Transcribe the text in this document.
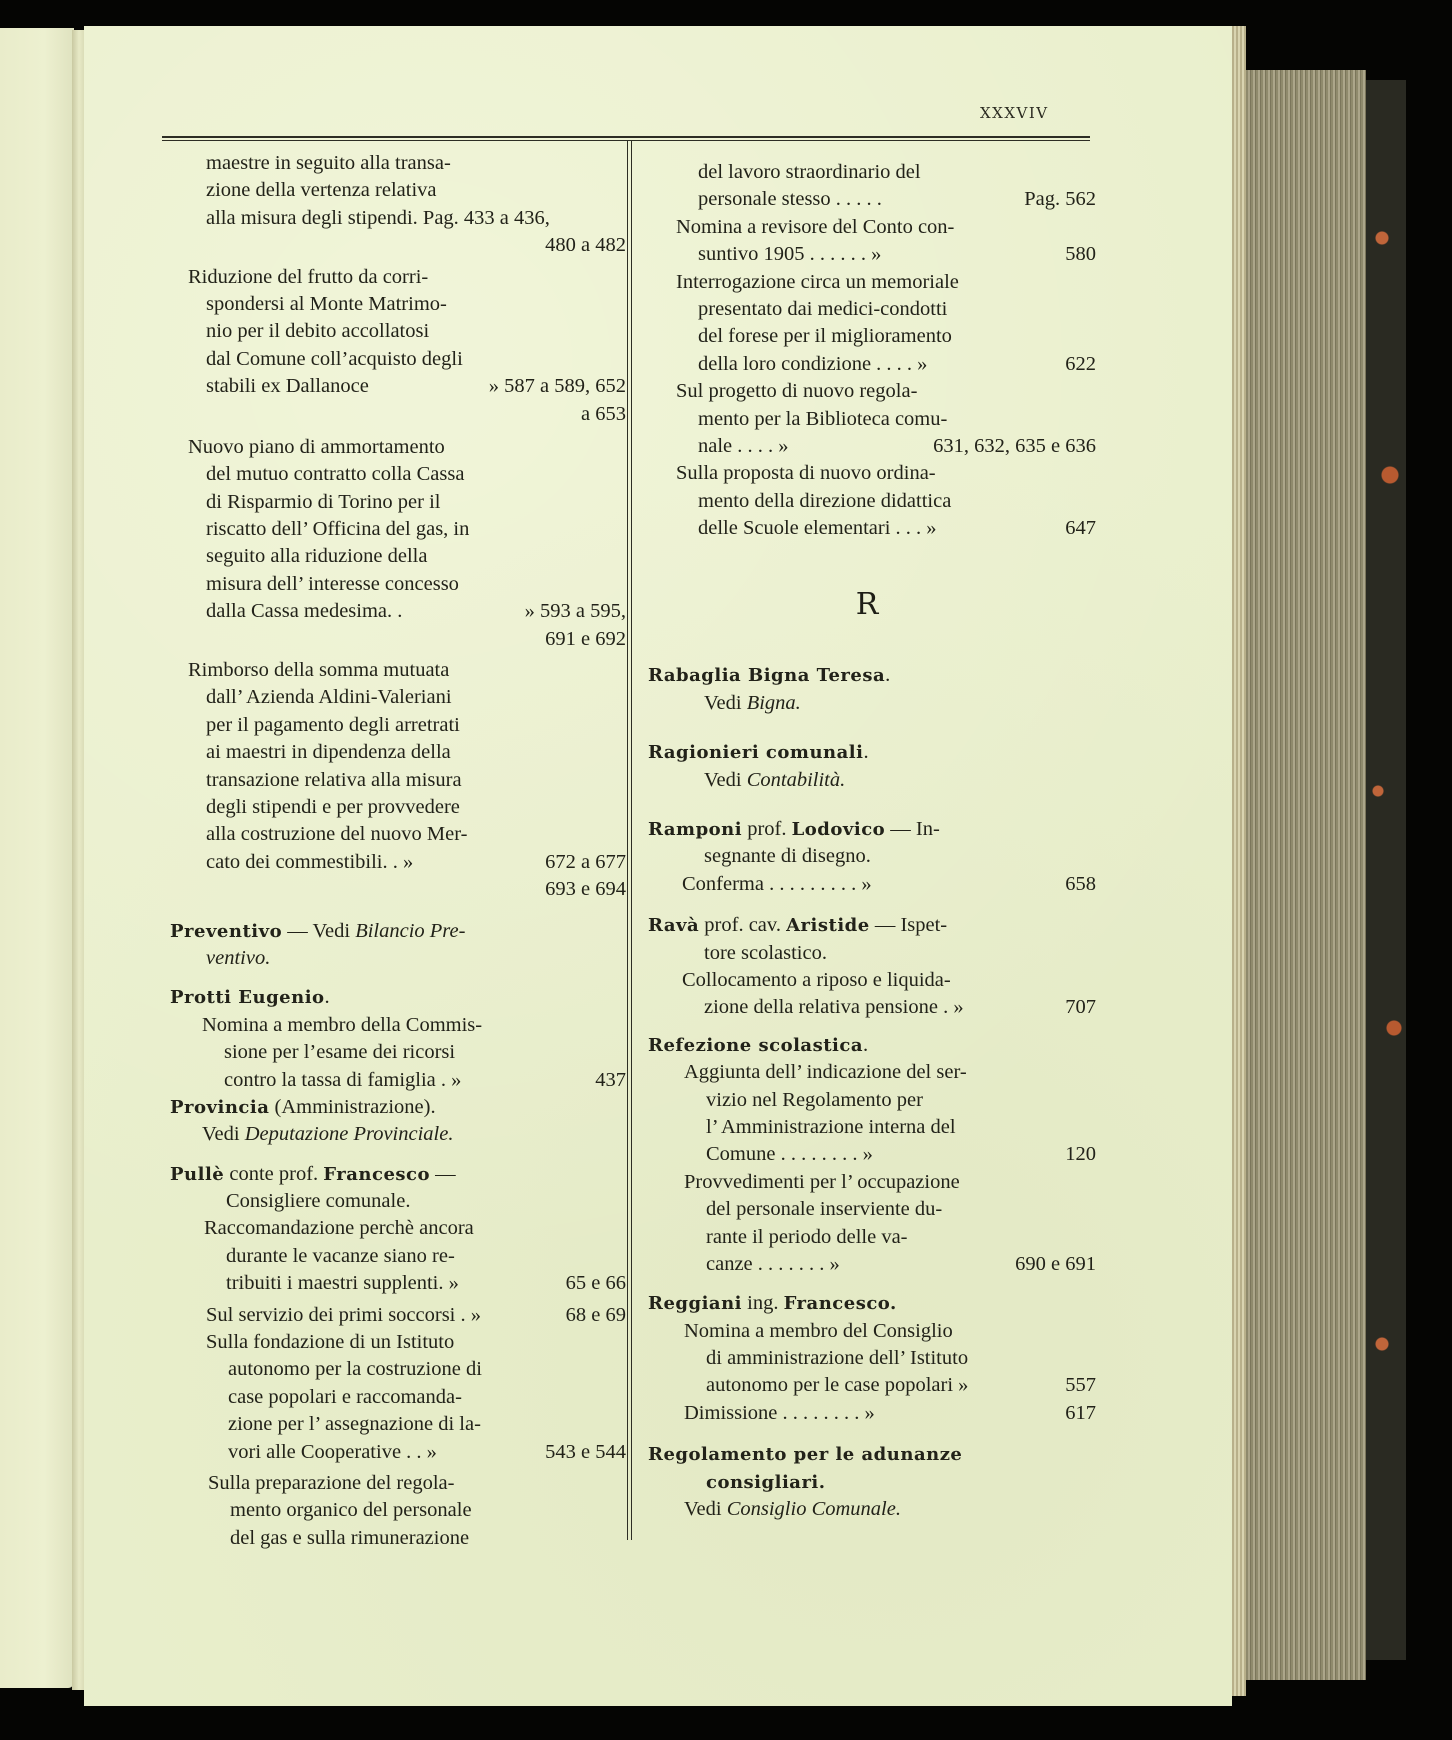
XXXVIV
maestre in seguito alla transa-
zione della vertenza relativa
alla misura degli stipendi. Pag. 433 a 436,
480 a 482
Riduzione del frutto da corri-
spondersi al Monte Matrimo-
nio per il debito accollatosi
dal Comune coll’acquisto degli
stabili ex Dallanoce	» 587 a 589, 652
a 653
Nuovo piano di ammortamento
del mutuo contratto colla Cassa
di Risparmio di Torino per il
riscatto dell’ Officina del gas, in
seguito alla riduzione della
misura dell’ interesse concesso
dalla Cassa medesima. .	» 593 a 595,
691 e 692
Rimborso della somma mutuata
dall’ Azienda Aldini-Valeriani
per il pagamento degli arretrati
ai maestri in dipendenza della
transazione relativa alla misura
degli stipendi e per provvedere
alla costruzione del nuovo Mer-
cato dei commestibili. . »	672 a 677
693 e 694
Preventivo — Vedi Bilancio Pre-
ventivo.
Protti Eugenio.
Nomina a membro della Commis-
sione per l’esame dei ricorsi
contro la tassa di famiglia . »	437
Provincia (Amministrazione).
Vedi Deputazione Provinciale.
Pullè conte prof. Francesco —
Consigliere comunale.
Raccomandazione perchè ancora
durante le vacanze siano re-
tribuiti i maestri supplenti. »	65 e 66
Sul servizio dei primi soccorsi . »	68 e 69
Sulla fondazione di un Istituto
autonomo per la costruzione di
case popolari e raccomanda-
zione per l’ assegnazione di la-
vori alle Cooperative . . »	543 e 544
Sulla preparazione del regola-
mento organico del personale
del gas e sulla rimunerazione
del lavoro straordinario del
personale stesso . . . . .	Pag. 562
Nomina a revisore del Conto con-
suntivo 1905 . . . . . . »	580
Interrogazione circa un memoriale
presentato dai medici-condotti
del forese per il miglioramento
della loro condizione . . . . »	622
Sul progetto di nuovo regola-
mento per la Biblioteca comu-
nale . . . . »	631, 632, 635 e 636
Sulla proposta di nuovo ordina-
mento della direzione didattica
delle Scuole elementari . . . »	647
R
Rabaglia Bigna Teresa.
Vedi Bigna.
Ragionieri comunali.
Vedi Contabilità.
Ramponi prof. Lodovico — In-
segnante di disegno.
Conferma . . . . . . . . . »	658
Ravà prof. cav. Aristide — Ispet-
tore scolastico.
Collocamento a riposo e liquida-
zione della relativa pensione . »	707
Refezione scolastica.
Aggiunta dell’ indicazione del ser-
vizio nel Regolamento per
l’ Amministrazione interna del
Comune . . . . . . . . »	120
Provvedimenti per l’ occupazione
del personale inserviente du-
rante il periodo delle va-
canze . . . . . . . »	690 e 691
Reggiani ing. Francesco.
Nomina a membro del Consiglio
di amministrazione dell’ Istituto
autonomo per le case popolari »	557
Dimissione . . . . . . . . »	617
Regolamento per le adunanze
consigliari.
Vedi Consiglio Comunale.
